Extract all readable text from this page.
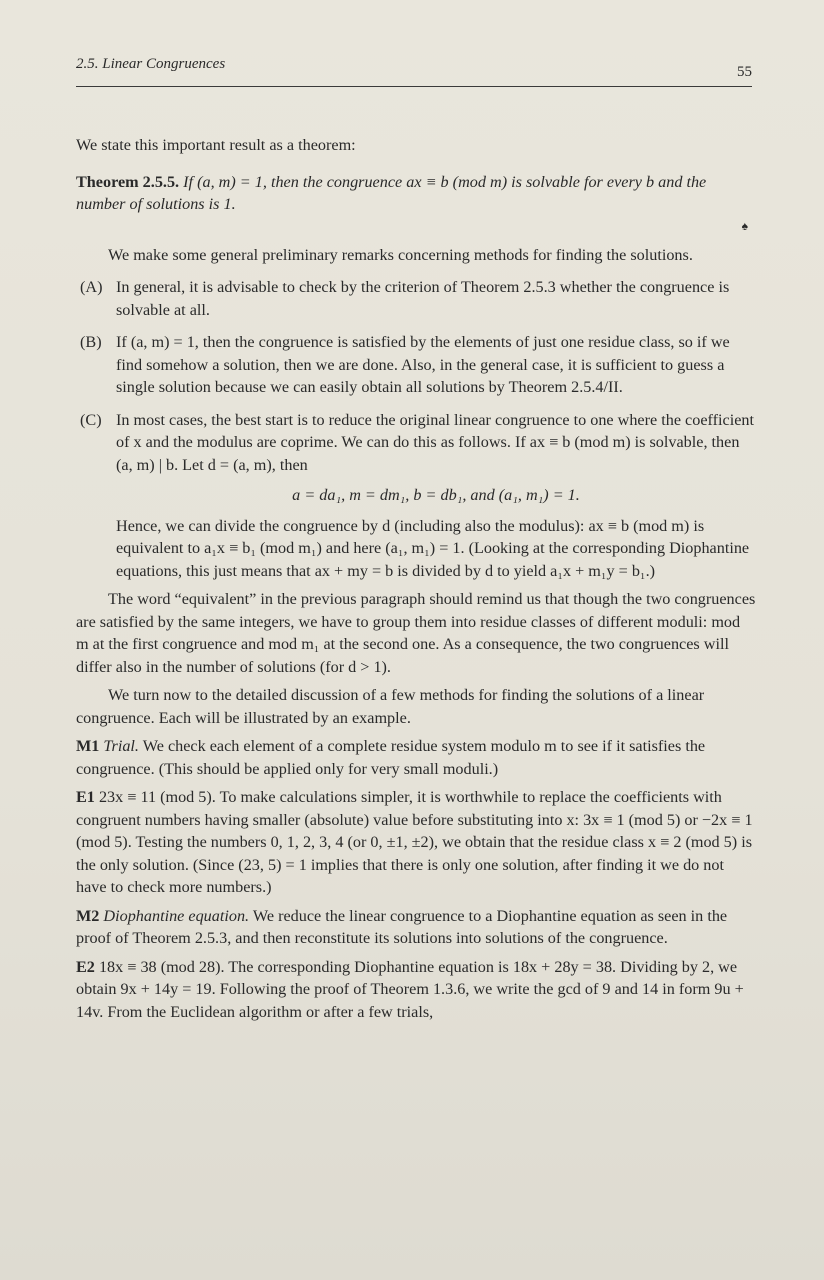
2.5. Linear Congruences	55

We state this important result as a theorem:

Theorem 2.5.5. If (a, m) = 1, then the congruence ax ≡ b (mod m) is solvable for every b and the number of solutions is 1.

♠

We make some general preliminary remarks concerning methods for finding the solutions.

(A) In general, it is advisable to check by the criterion of Theorem 2.5.3 whether the congruence is solvable at all.
(B) If (a, m) = 1, then the congruence is satisfied by the elements of just one residue class, so if we find somehow a solution, then we are done. Also, in the general case, it is sufficient to guess a single solution because we can easily obtain all solutions by Theorem 2.5.4/II.
(C) In most cases, the best start is to reduce the original linear congruence to one where the coefficient of x and the modulus are coprime. We can do this as follows. If ax ≡ b (mod m) is solvable, then (a, m) | b. Let d = (a, m), then
a = da₁, m = dm₁, b = db₁, and (a₁, m₁) = 1.

Hence, we can divide the congruence by d (including also the modulus): ax ≡ b (mod m) is equivalent to a₁x ≡ b₁ (mod m₁) and here (a₁, m₁) = 1. (Looking at the corresponding Diophantine equations, this just means that ax + my = b is divided by d to yield a₁x + m₁y = b₁.)

The word “equivalent” in the previous paragraph should remind us that though the two congruences are satisfied by the same integers, we have to group them into residue classes of different moduli: mod m at the first congruence and mod m₁ at the second one. As a consequence, the two congruences will differ also in the number of solutions (for d > 1).

We turn now to the detailed discussion of a few methods for finding the solutions of a linear congruence. Each will be illustrated by an example.

M1 Trial. We check each element of a complete residue system modulo m to see if it satisfies the congruence. (This should be applied only for very small moduli.)

E1 23x ≡ 11 (mod 5). To make calculations simpler, it is worthwhile to replace the coefficients with congruent numbers having smaller (absolute) value before substituting into x: 3x ≡ 1 (mod 5) or −2x ≡ 1 (mod 5). Testing the numbers 0, 1, 2, 3, 4 (or 0, ±1, ±2), we obtain that the residue class x ≡ 2 (mod 5) is the only solution. (Since (23, 5) = 1 implies that there is only one solution, after finding it we do not have to check more numbers.)

M2 Diophantine equation. We reduce the linear congruence to a Diophantine equation as seen in the proof of Theorem 2.5.3, and then reconstitute its solutions into solutions of the congruence.

E2 18x ≡ 38 (mod 28). The corresponding Diophantine equation is 18x + 28y = 38. Dividing by 2, we obtain 9x + 14y = 19. Following the proof of Theorem 1.3.6, we write the gcd of 9 and 14 in form 9u + 14v. From the Euclidean algorithm or after a few trials,
